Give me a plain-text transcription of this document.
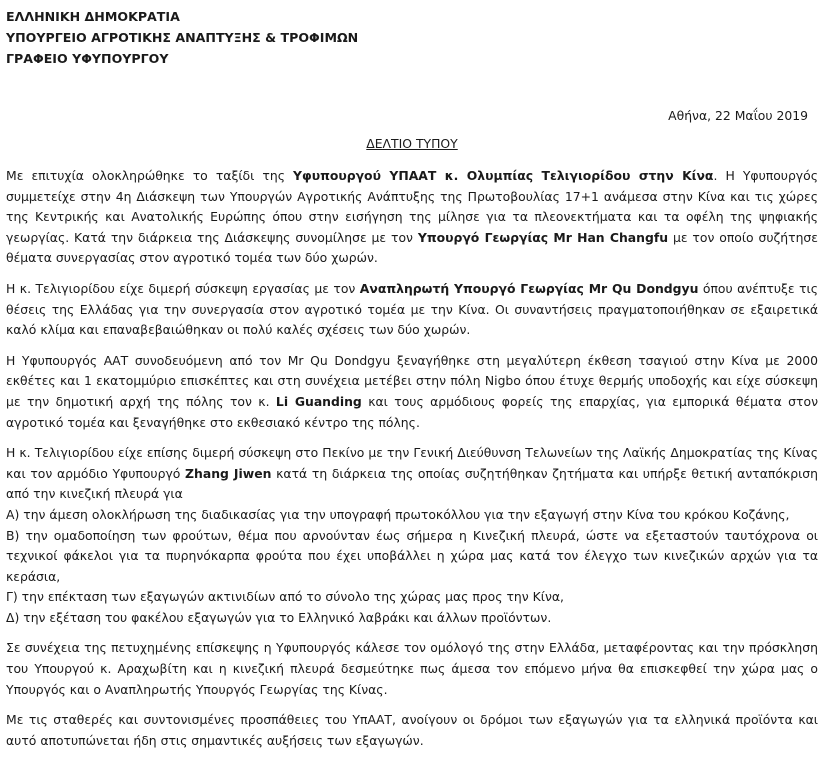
ΕΛΛΗΝΙΚΗ ΔΗΜΟΚΡΑΤΙΑ
ΥΠΟΥΡΓΕΙΟ ΑΓΡΟΤΙΚΗΣ ΑΝΑΠΤΥΞΗΣ & ΤΡΟΦΙΜΩΝ
ΓΡΑΦΕΙΟ ΥΦΥΠΟΥΡΓΟΥ
Αθήνα, 22 Μαΐου 2019
ΔΕΛΤΙΟ ΤΥΠΟΥ

Με επιτυχία ολοκληρώθηκε το ταξίδι της Υφυπουργού ΥΠΑΑΤ κ. Ολυμπίας Τελιγιορίδου στην Κίνα. Η Υφυπουργός συμμετείχε στην 4η Διάσκεψη των Υπουργών Αγροτικής Ανάπτυξης της Πρωτοβουλίας 17+1 ανάμεσα στην Κίνα και τις χώρες της Κεντρικής και Ανατολικής Ευρώπης όπου στην εισήγηση της μίλησε για τα πλεονεκτήματα και τα οφέλη της ψηφιακής γεωργίας. Κατά την διάρκεια της Διάσκεψης συνομίλησε με τον Υπουργό Γεωργίας Mr Han Changfu με τον οποίο συζήτησε θέματα συνεργασίας στον αγροτικό τομέα των δύο χωρών.

Η κ. Τελιγιορίδου είχε διμερή σύσκεψη εργασίας με τον Αναπληρωτή Υπουργό Γεωργίας Mr Qu Dondgyu όπου ανέπτυξε τις θέσεις της Ελλάδας για την συνεργασία στον αγροτικό τομέα με την Κίνα. Οι συναντήσεις πραγματοποιήθηκαν σε εξαιρετικά καλό κλίμα και επαναβεβαιώθηκαν οι πολύ καλές σχέσεις των δύο χωρών.

Η Υφυπουργός ΑΑΤ συνοδευόμενη από τον Mr Qu Dondgyu ξεναγήθηκε στη μεγαλύτερη έκθεση τσαγιού στην Κίνα με 2000 εκθέτες και 1 εκατομμύριο επισκέπτες και στη συνέχεια μετέβει στην πόλη Nigbo όπου έτυχε θερμής υποδοχής και είχε σύσκεψη με την δημοτική αρχή της πόλης τον κ. Li Guanding και τους αρμόδιους φορείς της επαρχίας, για εμπορικά θέματα στον αγροτικό τομέα και ξεναγήθηκε στο εκθεσιακό κέντρο της πόλης.

Η κ. Τελιγιορίδου είχε επίσης διμερή σύσκεψη στο Πεκίνο με την Γενική Διεύθυνση Τελωνείων της Λαϊκής Δημοκρατίας της Κίνας και τον αρμόδιο Υφυπουργό Zhang Jiwen κατά τη διάρκεια της οποίας συζητήθηκαν ζητήματα και υπήρξε θετική ανταπόκριση από την κινεζική πλευρά για

Α) την άμεση ολοκλήρωση της διαδικασίας για την υπογραφή πρωτοκόλλου για την εξαγωγή στην Κίνα του κρόκου Κοζάνης,

Β) την ομαδοποίηση των φρούτων, θέμα που αρνούνταν έως σήμερα η Κινεζική πλευρά, ώστε να εξεταστούν ταυτόχρονα οι τεχνικοί φάκελοι για τα πυρηνόκαρπα φρούτα που έχει υποβάλλει η χώρα μας κατά τον έλεγχο των κινεζικών αρχών για τα κεράσια,

Γ) την επέκταση των εξαγωγών ακτινιδίων από το σύνολο της χώρας μας προς την Κίνα,

Δ) την εξέταση του φακέλου εξαγωγών για το Ελληνικό λαβράκι και άλλων προϊόντων.

Σε συνέχεια της πετυχημένης επίσκεψης η Υφυπουργός κάλεσε τον ομόλογό της στην Ελλάδα, μεταφέροντας και την πρόσκληση του Υπουργού κ. Αραχωβίτη και η κινεζική πλευρά δεσμεύτηκε πως άμεσα τον επόμενο μήνα θα επισκεφθεί την χώρα μας ο Υπουργός και ο Αναπληρωτής Υπουργός Γεωργίας της Κίνας.

Με τις σταθερές και συντονισμένες προσπάθειες του ΥπΑΑΤ, ανοίγουν οι δρόμοι των εξαγωγών για τα ελληνικά προϊόντα και αυτό αποτυπώνεται ήδη στις σημαντικές αυξήσεις των εξαγωγών.
